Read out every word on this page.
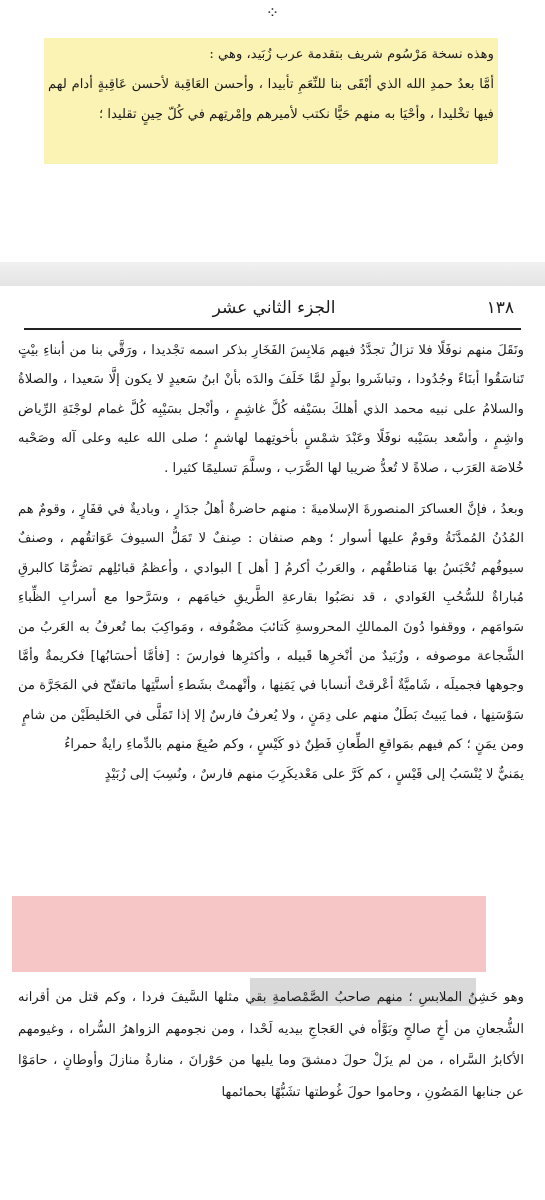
⁘

وهذه نسخة مَرْسُوم شريف بتقدمة عرب زُبَيد، وهي :

أمَّا بعدُ حمدِ الله الذي أبْقَى بنا للنِّعَمِ تأبيدا ، وأحسن العَاقِبة لأحسن عَاقِبةٍ أدام لهم فيها تخْليدا ، وأحْيَا به منهم حَيًّا نكتب لأميرهم وإمْرتِهم في كُلّ حِينٍ تقليدا ؛

١٣٨
الجزء الثاني عشر

ونَقَلَ منهم نوفَلًا فلا تزالُ تجدَّدُ فيهم مَلابِسَ الفَخَارِ بذكر اسمه تجْديدا ، ورَقَّي بنا من أبناءِ بيْتٍ تَناسَقُوا أبنَاءً وجُدُودا ، وتباشَروا بولَدٍ لمَّا خَلَفَ والدَه بأنْ ابنُ سَعيدٍ لا يكون إلَّا سَعيدا ، والصلاةُ والسلامُ على نبيه محمد الذي أهلكَ بسَيْفه كُلَّ غاشِمٍ ، وأنْجل بسَيْبِه كُلَّ غمام لوجْنَةِ الرِّياض واشِمٍ ، وأسْعد بسَيْبه نوفَلًا وعَبْدَ شمْسٍ بأخوتِهما لهاشمٍ ؛ صلى الله عليه وعلى آله وصَحْبه خُلاصَة العَرَب ، صلاةً لا تُعدُّ ضريبا لها الضَّرَب ، وسلَّمَ تسليمًا كثيرا .

وبعدُ ، فإنَّ العساكرَ المنصورةَ الإسلاميةَ : منهم حاضرةٌ أهلُ جدَارٍ ، وباديةٌ في قفَارٍ ، وقومٌ هم المُدُنُ المُمدَّنَةُ وقومٌ عليها أسوار ؛ وهم صنفان : صِنفٌ لا تَمَلُّ السيوفَ عَوَاتقُهم ، وصنفٌ سيوفُهم تُحْبَسُ بها مَناطقُهم ، والعَربُ أكرمُ [ أهل ] البوادي ، وأعظمُ قبائلِهم تضرُّمًا كالبرقِ مُباراةٌ للسُّحُبِ الغَوادي ، قد نصَبُوا بقارعةِ الطَّريقِ خيامَهم ، وسَرَّحوا مع أسرابِ الظِّباءِ سَوامَهم ، ووقفوا دُونَ الممالكِ المحروسةِ كَتائبَ مصْفُوفه ، ومَواكِبَ بما تُعرفُ به العَربُ من الشَّجاعة موصوفه ، وزُبَيدٌ من أنْخرِها قَبيله ، وأكثرِها فوارسَ : [فأمَّا أحسَابُها] فكريمةٌ وأمَّا وجوهها فجميلَه ، شَاميَّةٌ أعْرقتْ أنسابا في يَمَنِها ، وأتْهمتْ بشَطءِ أسنَّتِها ماتفتّح في المَجَرَّة من سَوْسَنِها ، فما يَبيتُ بَطَلٌ منهم على دِمَنٍ ، ولا يُعرفُ فارسٌ إلا إذا تَمَلَّى في الخَليطَيْن من شامٍ
ومن يمَنٍ ؛ كم فيهم بمَواقعِ الطِّعانِ فَطِنٌ ذو كَيْسٍ ، وكم صُبِغَ منهم بالدِّماءِ رايةٌ حمراءُ
يمَنيٌّ لا يُنْسَبُ إلى قَيْسٍ ، كم كَرَّ على مَعْديكَرِبَ منهم فارسٌ ، ونُسِبَ إلى زُبَيْدٍ

وهو خَشِنُ الملابسِ ؛ منهم صاحبُ الصَّمْصامةِ بقي مثلها السَّيفَ فردا ، وكم قتل من أقرانه الشُّجعانِ من أخٍ صالحٍ وبَوَّأه في العَجاجِ بيديه لَحْدا ، ومن نجومهم الزواهرُ السُّراه ، وغيومهم الأكابرُ السَّراه ، من لم يزَلْ حولَ دمشقَ وما يليها من حَوْرانَ ، منارةُ منازلَ وأوطانٍ ، حامَوْا عن جنابها المَصُونِ ، وحاموا حولَ غُوطتها تشَبُّهًا بحمائمها
